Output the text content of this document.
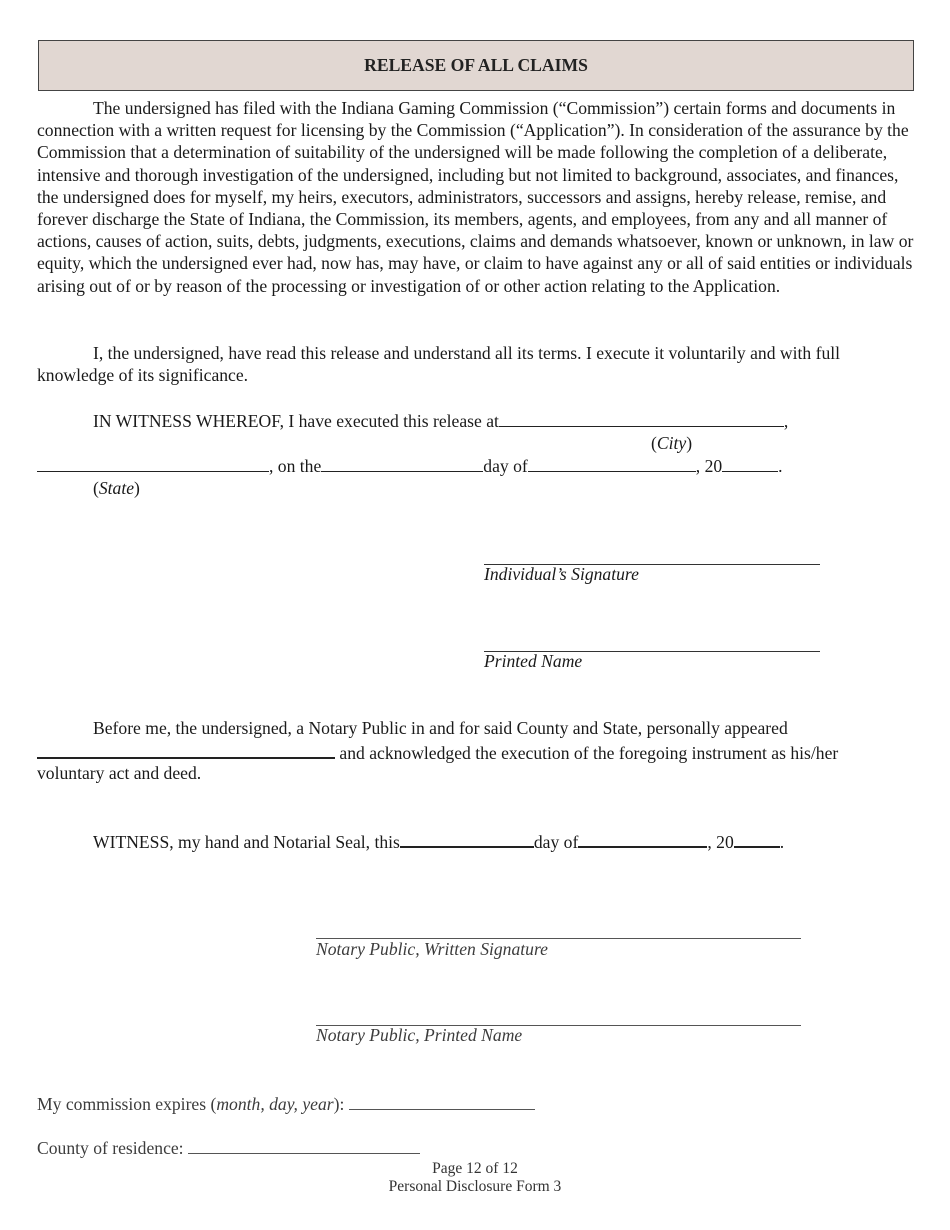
RELEASE OF ALL CLAIMS

The undersigned has filed with the Indiana Gaming Commission (“Commission”) certain forms and documents in connection with a written request for licensing by the Commission (“Application”). In consideration of the assurance by the Commission that a determination of suitability of the undersigned will be made following the completion of a deliberate, intensive and thorough investigation of the undersigned, including but not limited to background, associates, and finances, the undersigned does for myself, my heirs, executors, administrators, successors and assigns, hereby release, remise, and forever discharge the State of Indiana, the Commission, its members, agents, and employees, from any and all manner of actions, causes of action, suits, debts, judgments, executions, claims and demands whatsoever, known or unknown, in law or equity, which the undersigned ever had, now has, may have, or claim to have against any or all of said entities or individuals arising out of or by reason of the processing or investigation of or other action relating to the Application.

I, the undersigned, have read this release and understand all its terms. I execute it voluntarily and with full knowledge of its significance.

IN WITNESS WHEREOF, I have executed this release at	,
(City)
, on the	day of	, 20	.
(State)
Individual’s Signature
Printed Name
Before me, the undersigned, a Notary Public in and for said County and State, personally appeared
and acknowledged the execution of the foregoing instrument as his/her
voluntary act and deed.
WITNESS, my hand and Notarial Seal, this	day of	, 20	.
Notary Public, Written Signature
Notary Public, Printed Name
My commission expires (month, day, year):
County of residence:
Page 12 of 12
Personal Disclosure Form 3
